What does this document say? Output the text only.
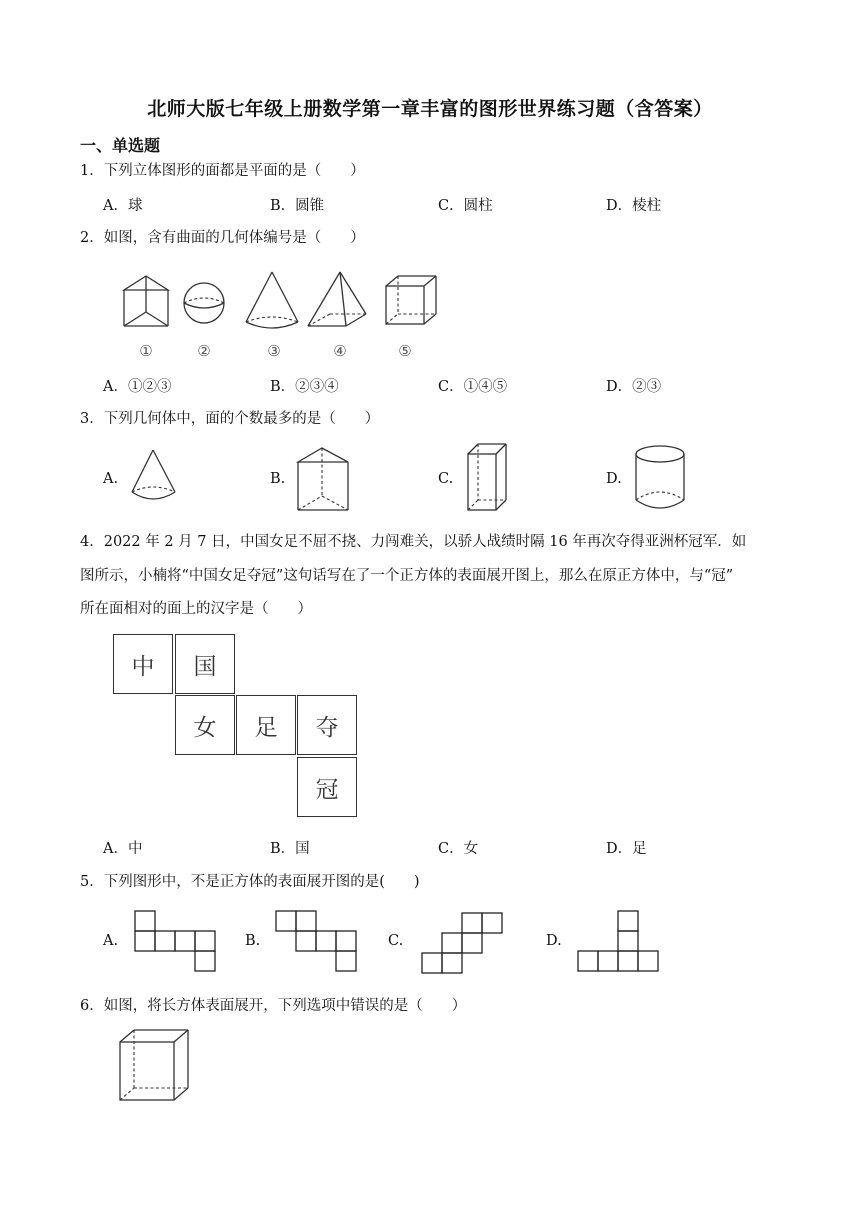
北师大版七年级上册数学第一章丰富的图形世界练习题（含答案）
一、单选题
1．下列立体图形的面都是平面的是（　　）
A．球	B．圆锥	C．圆柱	D．棱柱
2．如图，含有曲面的几何体编号是（　　）
①	②	③	④	⑤
A．①②③	B．②③④	C．①④⑤	D．②③
3．下列几何体中，面的个数最多的是（　　）
A.	B.	C.	D.
4．2022 年 2 月 7 日，中国女足不屈不挠、力闯难关，以骄人战绩时隔 16 年再次夺得亚洲杯冠军．如
图所示，小楠将“中国女足夺冠”这句话写在了一个正方体的表面展开图上，那么在原正方体中，与“冠”
所在面相对的面上的汉字是（　　）
中	国
女	足	夺
冠
A．中	B．国	C．女	D．足
5．下列图形中，不是正方体的表面展开图的是(　　)
A.	B.	C.	D.
6．如图，将长方体表面展开，下列选项中错误的是（　　）
